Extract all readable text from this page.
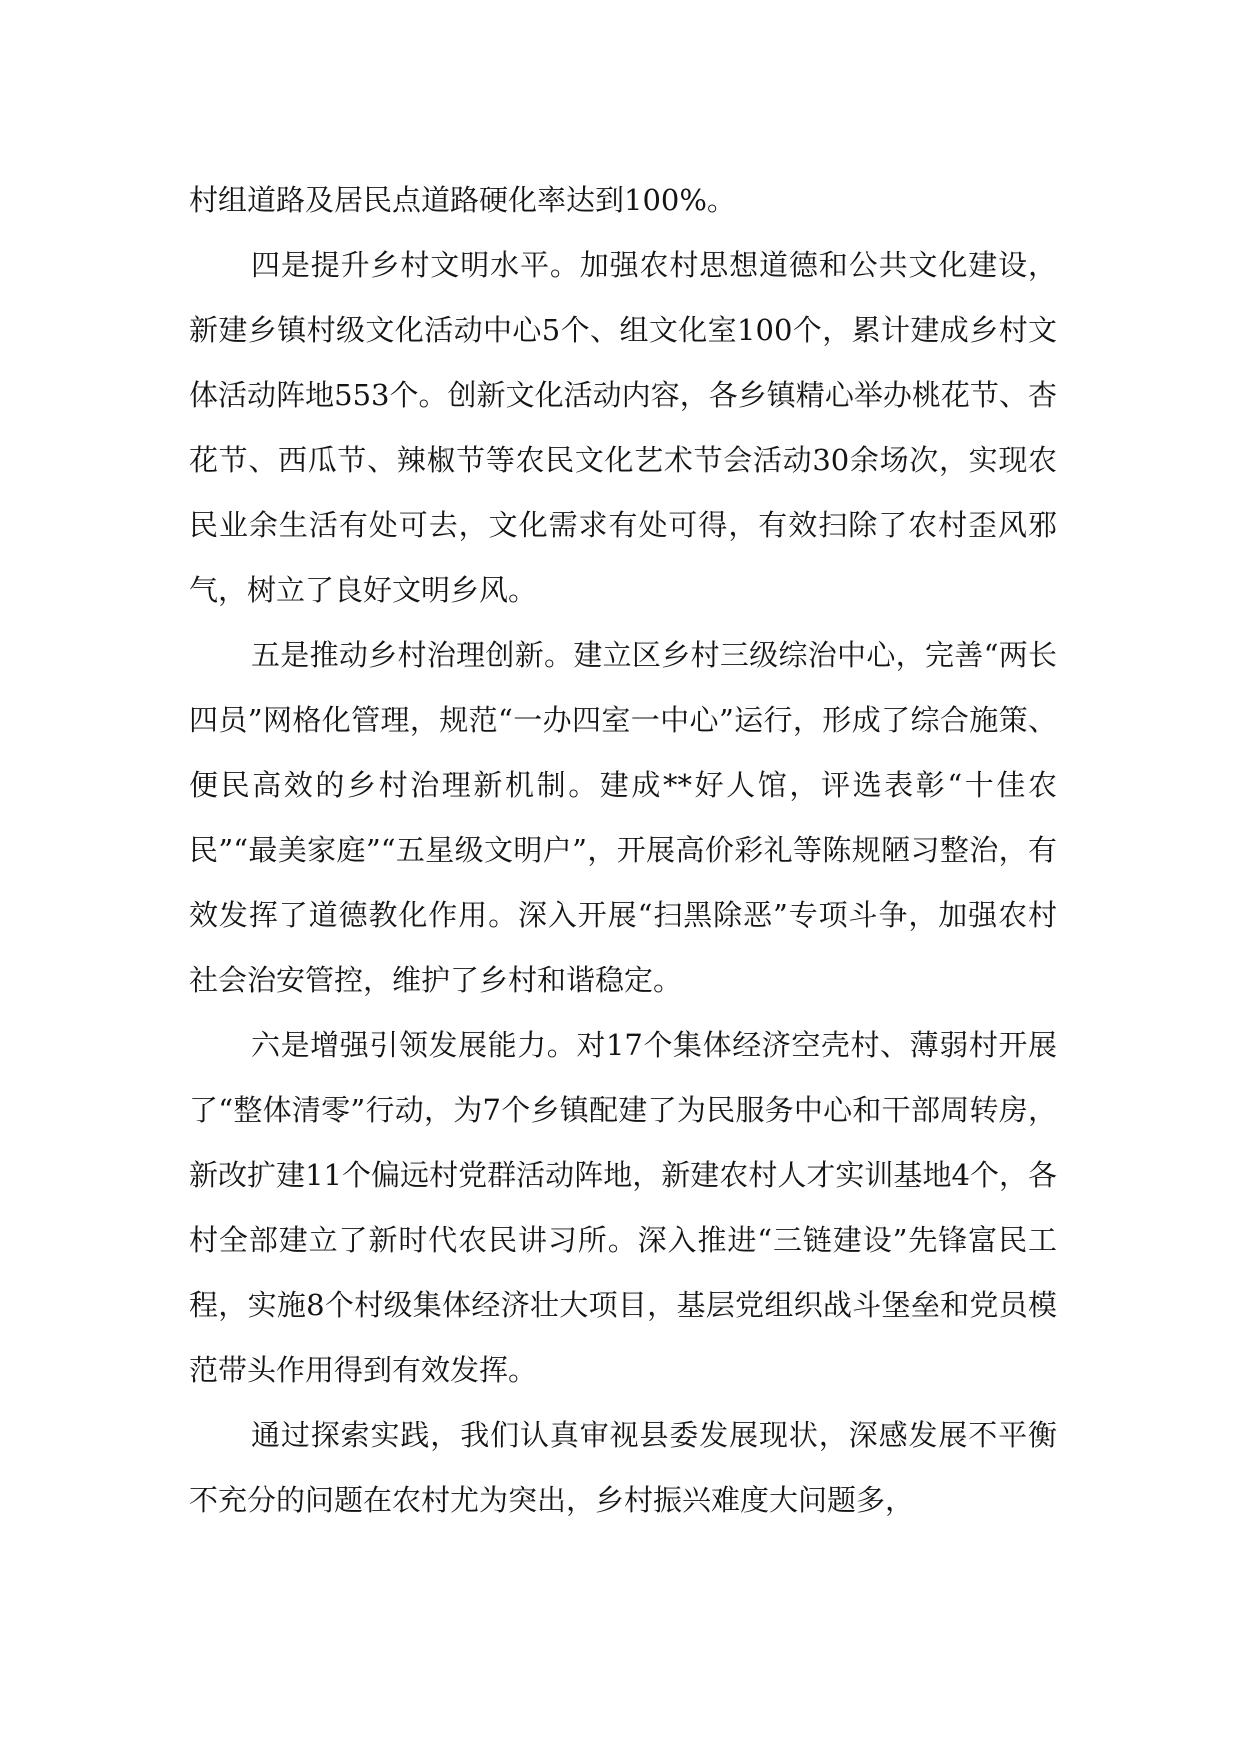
村组道路及居民点道路硬化率达到100%。

四是提升乡村文明水平。加强农村思想道德和公共文化建设，新建乡镇村级文化活动中心5个、组文化室100个，累计建成乡村文体活动阵地553个。创新文化活动内容，各乡镇精心举办桃花节、杏花节、西瓜节、辣椒节等农民文化艺术节会活动30余场次，实现农民业余生活有处可去，文化需求有处可得，有效扫除了农村歪风邪气，树立了良好文明乡风。

五是推动乡村治理创新。建立区乡村三级综治中心，完善“两长四员”网格化管理，规范“一办四室一中心”运行，形成了综合施策、便民高效的乡村治理新机制。建成**好人馆，评选表彰“十佳农民”“最美家庭”“五星级文明户”，开展高价彩礼等陈规陋习整治，有效发挥了道德教化作用。深入开展“扫黑除恶”专项斗争，加强农村社会治安管控，维护了乡村和谐稳定。

六是增强引领发展能力。对17个集体经济空壳村、薄弱村开展了“整体清零”行动，为7个乡镇配建了为民服务中心和干部周转房，新改扩建11个偏远村党群活动阵地，新建农村人才实训基地4个，各村全部建立了新时代农民讲习所。深入推进“三链建设”先锋富民工程，实施8个村级集体经济壮大项目，基层党组织战斗堡垒和党员模范带头作用得到有效发挥。

通过探索实践，我们认真审视县委发展现状，深感发展不平衡不充分的问题在农村尤为突出，乡村振兴难度大问题多，
